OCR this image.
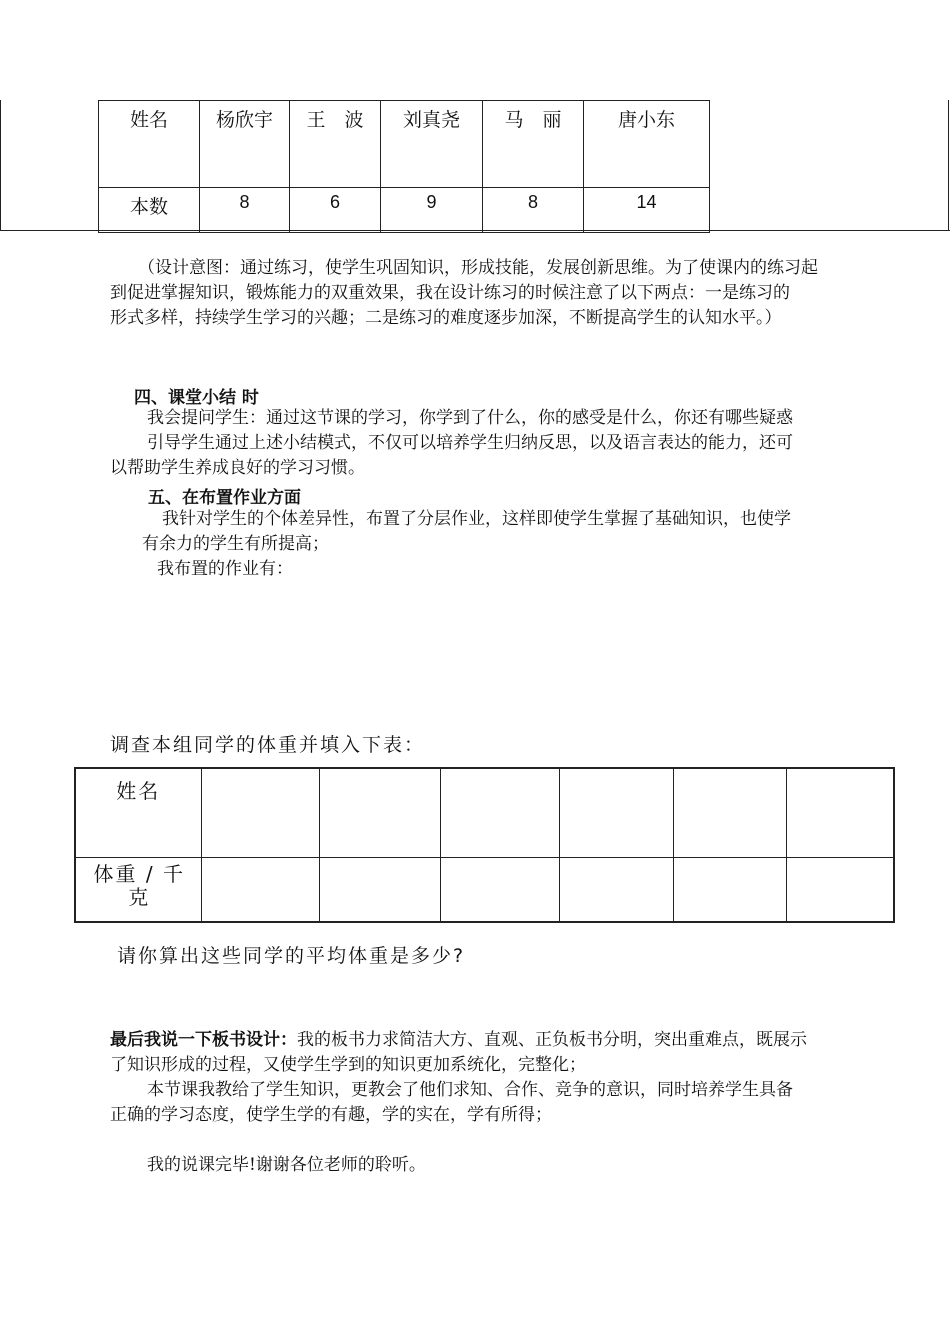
姓名	杨欣宇	王　波	刘真尧	马　丽	唐小东
本数	8	6	9	8	14
（设计意图：通过练习，使学生巩固知识，形成技能，发展创新思维。为了使课内的练习起
到促进掌握知识，锻炼能力的双重效果，我在设计练习的时候注意了以下两点：一是练习的
形式多样，持续学生学习的兴趣；二是练习的难度逐步加深，不断提高学生的认知水平。）
四、课堂小结 时
我会提问学生：通过这节课的学习，你学到了什么，你的感受是什么，你还有哪些疑惑
引导学生通过上述小结模式，不仅可以培养学生归纳反思，以及语言表达的能力，还可
以帮助学生养成良好的学习习惯。
五、在布置作业方面
我针对学生的个体差异性，布置了分层作业，这样即使学生掌握了基础知识，也使学
有余力的学生有所提高；
我布置的作业有：
调查本组同学的体重并填入下表：
姓名						
体重 / 千克						
请你算出这些同学的平均体重是多少?
最后我说一下板书设计：我的板书力求简洁大方、直观、正负板书分明，突出重难点，既展示
了知识形成的过程，又使学生学到的知识更加系统化，完整化；
本节课我教给了学生知识，更教会了他们求知、合作、竞争的意识，同时培养学生具备
正确的学习态度，使学生学的有趣，学的实在，学有所得；
我的说课完毕!谢谢各位老师的聆听。
